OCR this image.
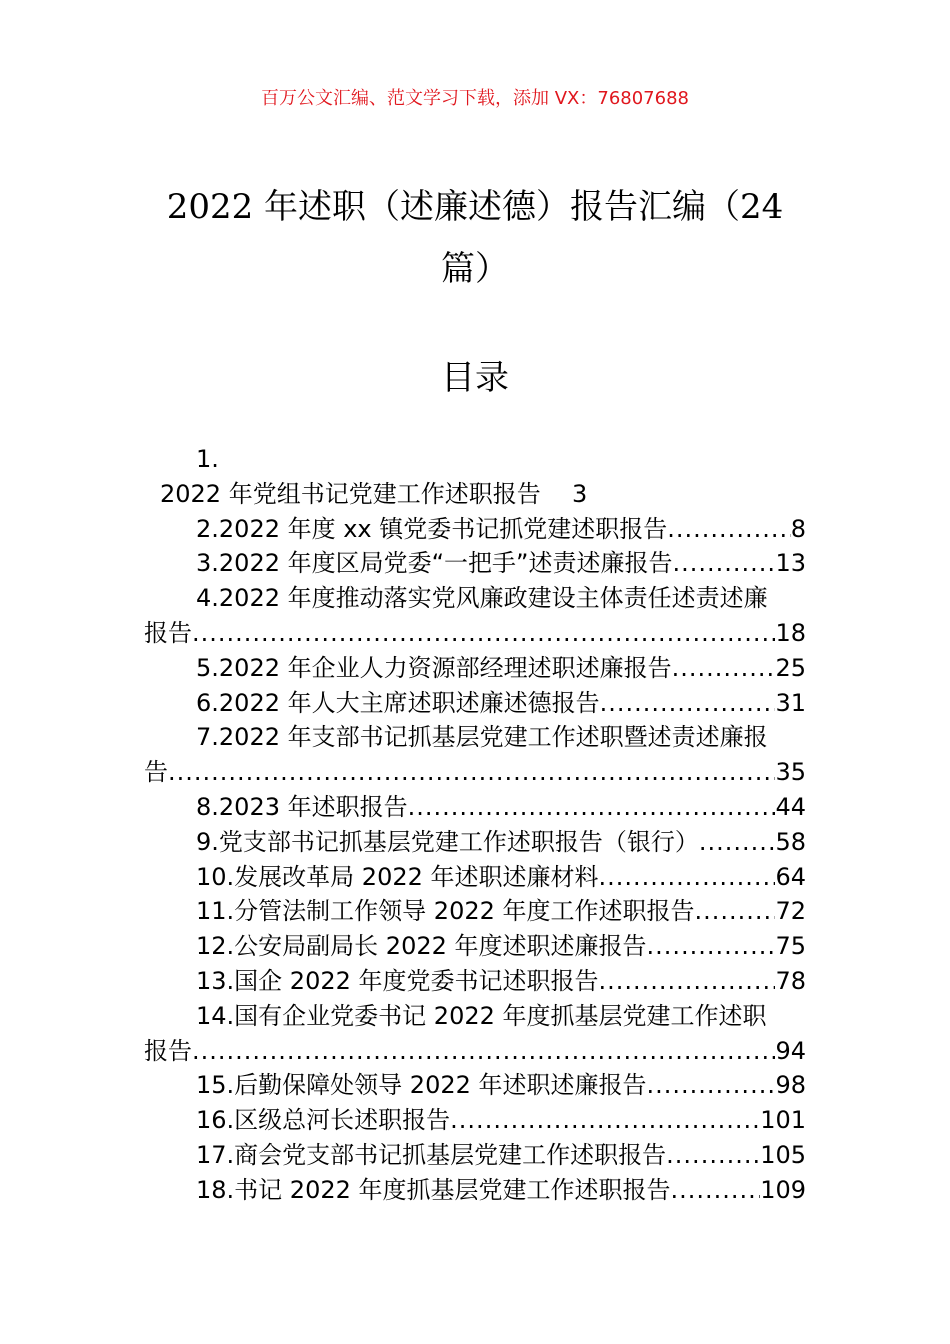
百万公文汇编、范文学习下载，添加 VX：76807688
2022 年述职（述廉述德）报告汇编（24
篇）
目录
1.
2022 年党组书记党建工作述职报告 3
2.2022 年度 xx 镇党委书记抓党建述职报告 .....	8
3.2022 年度区局党委“一把手”述责述廉报告 .....	13
4.2022 年度推动落实党风廉政建设主体责任述责述廉
报告 .....	18
5.2022 年企业人力资源部经理述职述廉报告 .....	25
6.2022 年人大主席述职述廉述德报告 .....	31
7.2022 年支部书记抓基层党建工作述职暨述责述廉报
告 .....	35
8.2023 年述职报告 .....	44
9.党支部书记抓基层党建工作述职报告（银行） .....	58
10.发展改革局 2022 年述职述廉材料 .....	64
11.分管法制工作领导 2022 年度工作述职报告 .....	72
12.公安局副局长 2022 年度述职述廉报告 .....	75
13.国企 2022 年度党委书记述职报告 .....	78
14.国有企业党委书记 2022 年度抓基层党建工作述职
报告 .....	94
15.后勤保障处领导 2022 年述职述廉报告 .....	98
16.区级总河长述职报告 .....	101
17.商会党支部书记抓基层党建工作述职报告 .....	105
18.书记 2022 年度抓基层党建工作述职报告 .....	109
